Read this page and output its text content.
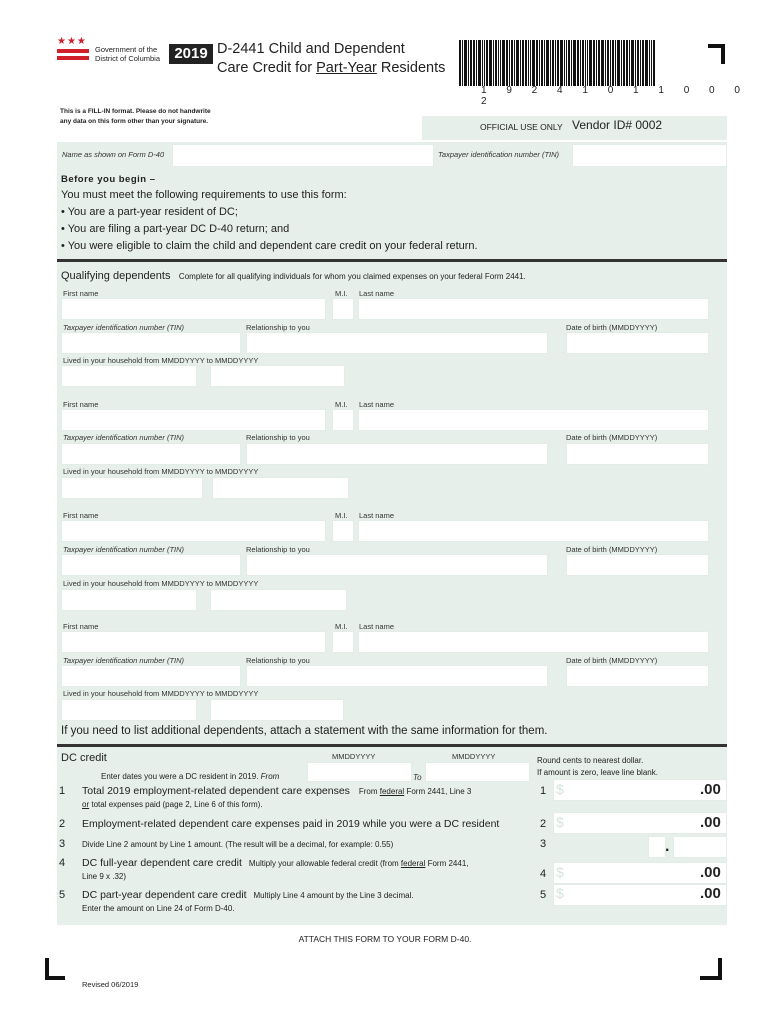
★★★
Government of the
District of Columbia 2019 D-2441 Child and Dependent
Care Credit for Part-Year Residents
1 9 2 4 1 0 1 1 0 0 0 2
This is a FILL-IN format. Please do not handwrite
any data on this form other than your signature.
OFFICIAL USE ONLY Vendor ID# 0002
Name as shown on Form D-40	Taxpayer identification number (TIN)
Before you begin –
You must meet the following requirements to use this form:
• You are a part-year resident of DC;
• You are filing a part-year DC D-40 return; and
• You were eligible to claim the child and dependent care credit on your federal return.
Qualifying dependents Complete for all qualifying individuals for whom you claimed expenses on your federal Form 2441.
First name	M.I. Last name
Taxpayer identification number (TIN)	Relationship to you	Date of birth (MMDDYYYY)
Lived in your household from MMDDYYYY to MMDDYYYY
First name	M.I. Last name
Taxpayer identification number (TIN)	Relationship to you	Date of birth (MMDDYYYY)
Lived in your household from MMDDYYYY to MMDDYYYY
First name	M.I. Last name
Taxpayer identification number (TIN)	Relationship to you	Date of birth (MMDDYYYY)
Lived in your household from MMDDYYYY to MMDDYYYY
First name	M.I. Last name
Taxpayer identification number (TIN)	Relationship to you	Date of birth (MMDDYYYY)
Lived in your household from MMDDYYYY to MMDDYYYY
If you need to list additional dependents, attach a statement with the same information for them.
DC credit	MMDDYYYY	MMDDYYYY	Round cents to nearest dollar.
If amount is zero, leave line blank.
Enter dates you were a DC resident in 2019. From	To
1 Total 2019 employment-related dependent care expenses From federal Form 2441, Line 3
or total expenses paid (page 2, Line 6 of this form).
1 $	.00
2 Employment-related dependent care expenses paid in 2019 while you were a DC resident	2 $	.00
3 Divide Line 2 amount by Line 1 amount. (The result will be a decimal, for example: 0.55)	3	.
4 DC full-year dependent care credit Multiply your allowable federal credit (from federal Form 2441,
Line 9 x .32)	4 $	.00
5 DC part-year dependent care credit Multiply Line 4 amount by the Line 3 decimal.
Enter the amount on Line 24 of Form D-40.
5 $	.00
ATTACH THIS FORM TO YOUR FORM D-40.
Revised 06/2019
